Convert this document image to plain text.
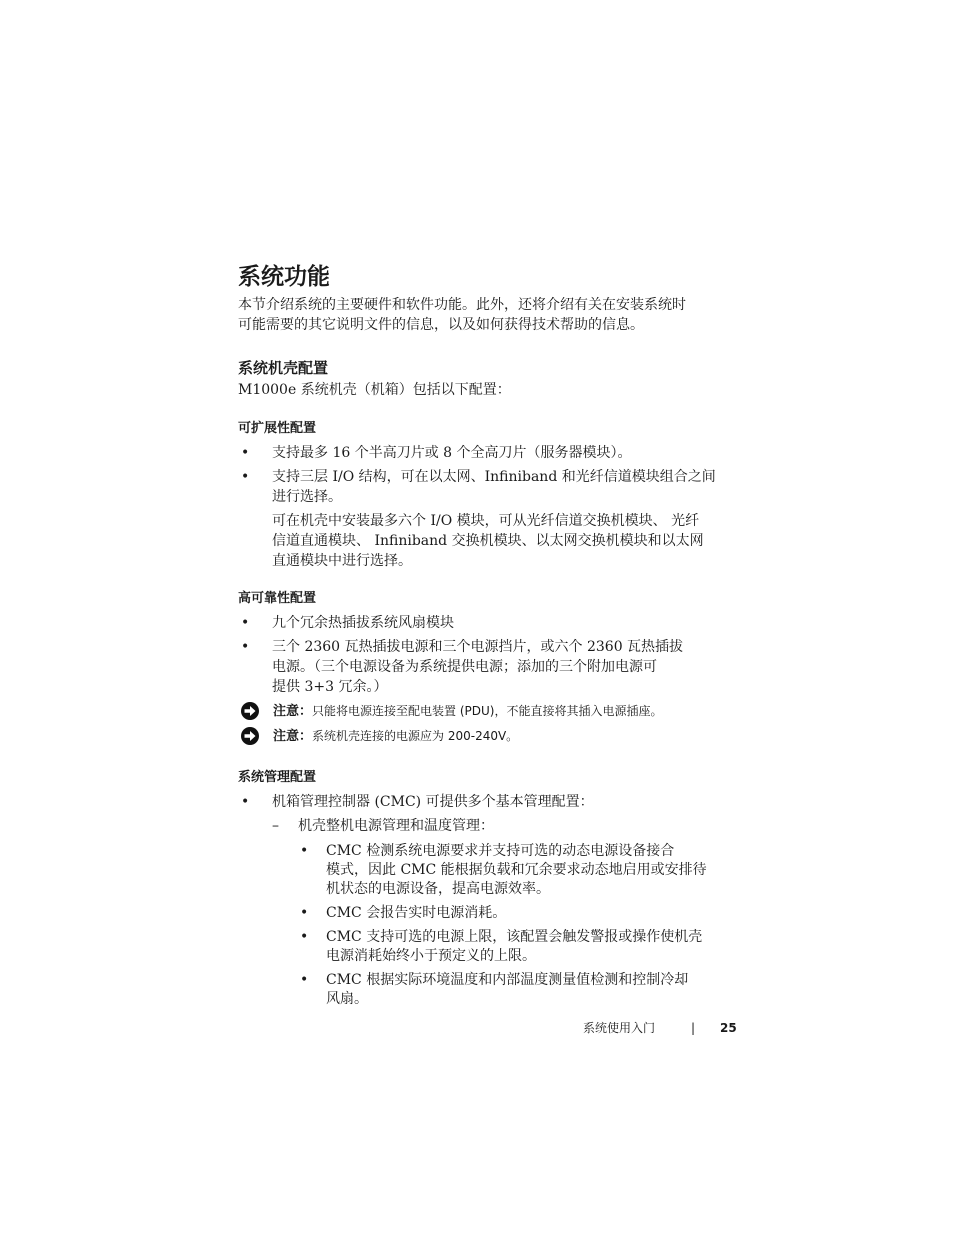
系统功能

本节介绍系统的主要硬件和软件功能。此外，还将介绍有关在安装系统时
可能需要的其它说明文件的信息，以及如何获得技术帮助的信息。

系统机壳配置

M1000e 系统机壳（机箱）包括以下配置：

可扩展性配置
• 支持最多 16 个半高刀片或 8 个全高刀片（服务器模块）。
• 支持三层 I/O 结构，可在以太网、Infiniband 和光纤信道模块组合之间
进行选择。
可在机壳中安装最多六个 I/O 模块，可从光纤信道交换机模块、 光纤
信道直通模块、 Infiniband 交换机模块、以太网交换机模块和以太网
直通模块中进行选择。
高可靠性配置
• 九个冗余热插拔系统风扇模块
• 三个 2360 瓦热插拔电源和三个电源挡片，或六个 2360 瓦热插拔
电源。（三个电源设备为系统提供电源；添加的三个附加电源可
提供 3+3 冗余。）
注意：只能将电源连接至配电装置 (PDU)，不能直接将其插入电源插座。
注意：系统机壳连接的电源应为 200-240V。
系统管理配置
• 机箱管理控制器 (CMC) 可提供多个基本管理配置：
– 机壳整机电源管理和温度管理：
• CMC 检测系统电源要求并支持可选的动态电源设备接合
模式，因此 CMC 能根据负载和冗余要求动态地启用或安排待
机状态的电源设备，提高电源效率。
• CMC 会报告实时电源消耗。
• CMC 支持可选的电源上限，该配置会触发警报或操作使机壳
电源消耗始终小于预定义的上限。
• CMC 根据实际环境温度和内部温度测量值检测和控制冷却
风扇。
系统使用入门	| 25
